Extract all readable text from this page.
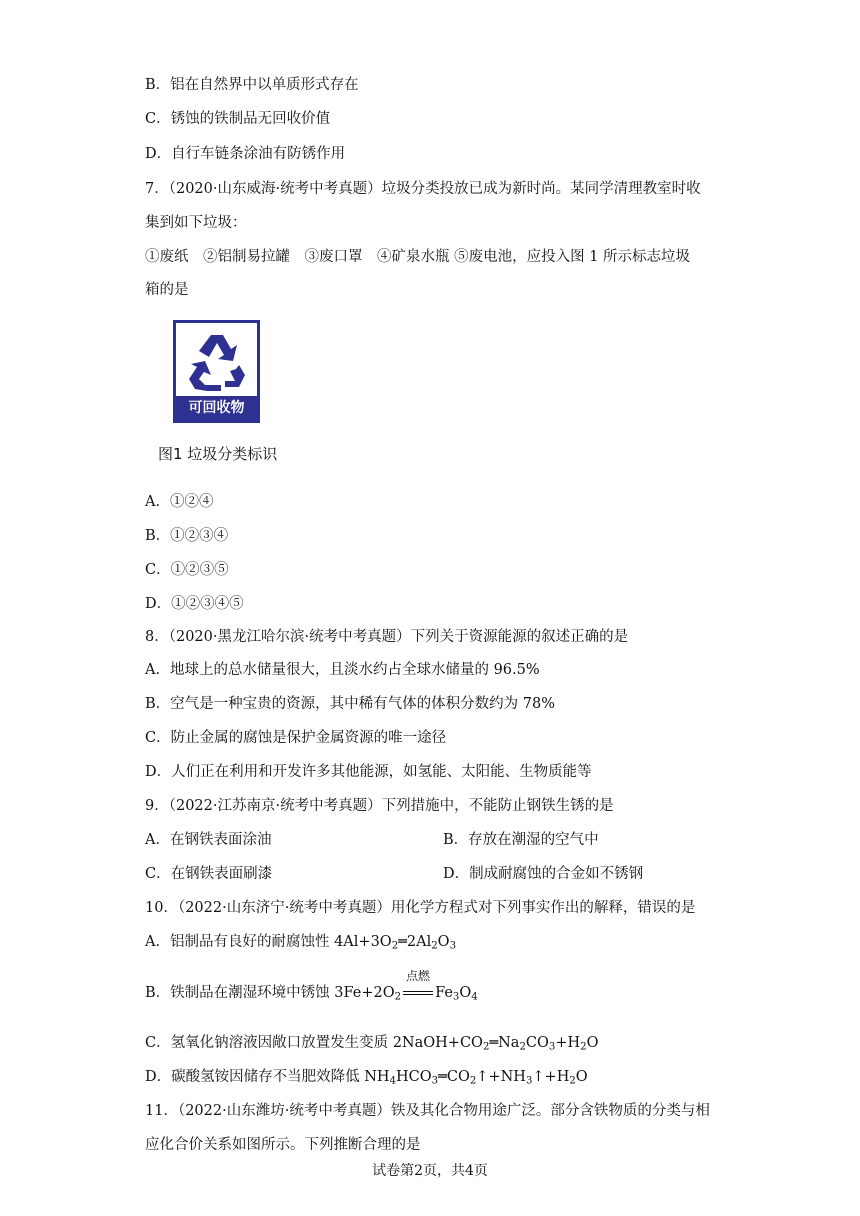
B．铝在自然界中以单质形式存在
C．锈蚀的铁制品无回收价值
D．自行车链条涂油有防锈作用
7．（2020·山东威海·统考中考真题）垃圾分类投放已成为新时尚。某同学清理教室时收
集到如下垃圾：
①废纸　②铝制易拉罐　③废口罩　④矿泉水瓶 ⑤废电池，应投入图 1 所示标志垃圾
箱的是
可回收物
图1 垃圾分类标识
A．①②④
B．①②③④
C．①②③⑤
D．①②③④⑤
8．（2020·黑龙江哈尔滨·统考中考真题）下列关于资源能源的叙述正确的是
A．地球上的总水储量很大，且淡水约占全球水储量的 96.5%
B．空气是一种宝贵的资源，其中稀有气体的体积分数约为 78%
C．防止金属的腐蚀是保护金属资源的唯一途径
D．人们正在利用和开发许多其他能源，如氢能、太阳能、生物质能等
9．（2022·江苏南京·统考中考真题）下列措施中，不能防止钢铁生锈的是
A．在钢铁表面涂油	B．存放在潮湿的空气中
C．在钢铁表面刷漆	D．制成耐腐蚀的合金如不锈钢
10．（2022·山东济宁·统考中考真题）用化学方程式对下列事实作出的解释，错误的是
A．铝制品有良好的耐腐蚀性 $4Al+3O_2═2Al_2O_3$
B．铁制品在潮湿环境中锈蚀 $3Fe+2O_2$
点燃
$Fe_3O_4$
C．氢氧化钠溶液因敞口放置发生变质 $2NaOH+CO_2═Na_2CO_3+H_2O$
D．碳酸氢铵因储存不当肥效降低 $NH_4HCO_3═CO_2↑+NH_3↑+H_2O$
11．（2022·山东潍坊·统考中考真题）铁及其化合物用途广泛。部分含铁物质的分类与相
应化合价关系如图所示。下列推断合理的是
试卷第2页，共4页
